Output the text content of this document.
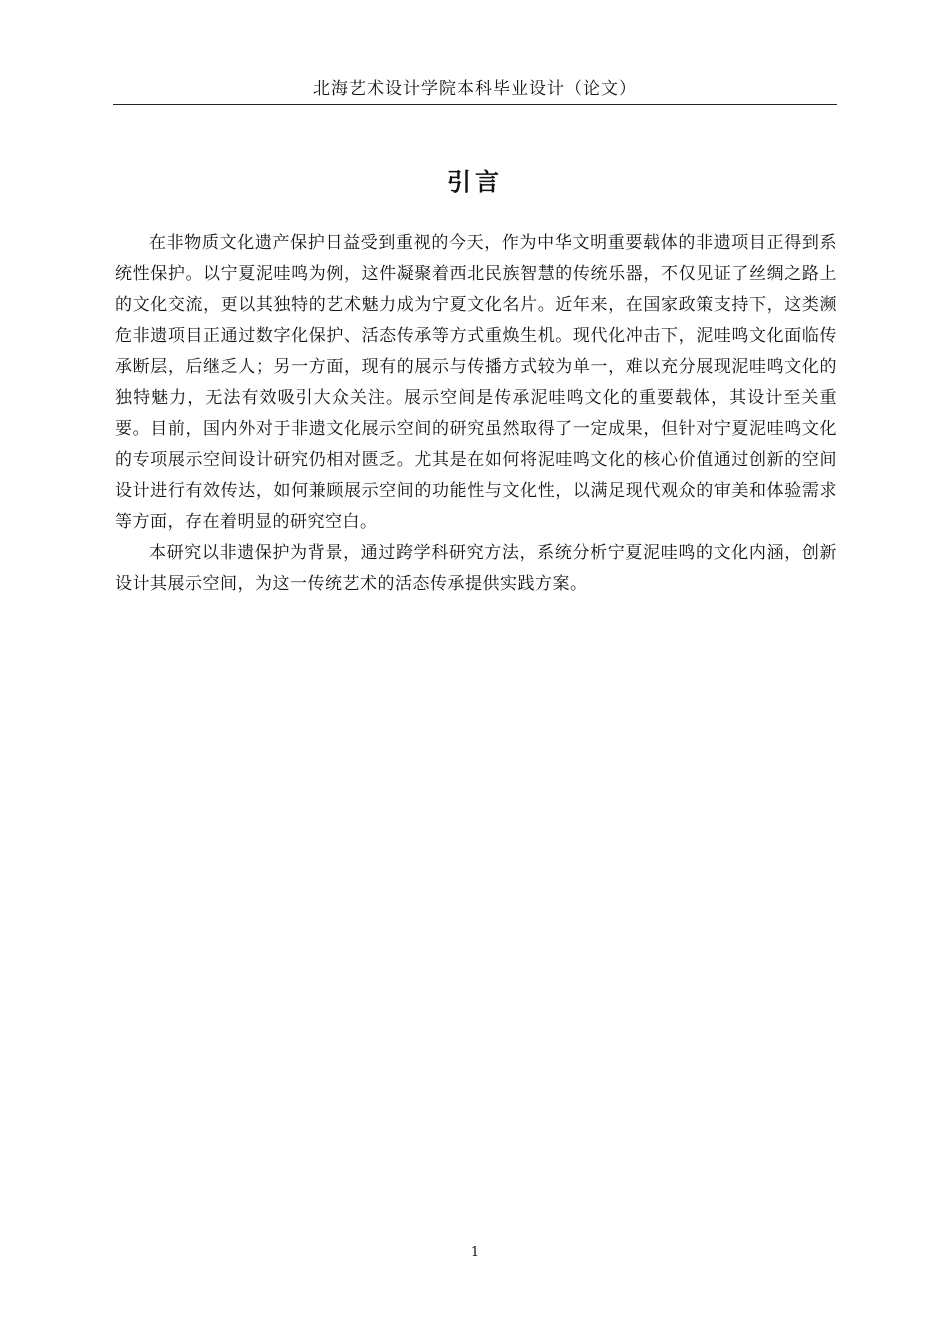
北海艺术设计学院本科毕业设计（论文）
引言

在非物质文化遗产保护日益受到重视的今天，作为中华文明重要载体的非遗项目正得到系统性保护。以宁夏泥哇鸣为例，这件凝聚着西北民族智慧的传统乐器，不仅见证了丝绸之路上的文化交流，更以其独特的艺术魅力成为宁夏文化名片。近年来，在国家政策支持下，这类濒危非遗项目正通过数字化保护、活态传承等方式重焕生机。现代化冲击下，泥哇鸣文化面临传承断层，后继乏人；另一方面，现有的展示与传播方式较为单一，难以充分展现泥哇鸣文化的独特魅力，无法有效吸引大众关注。展示空间是传承泥哇鸣文化的重要载体，其设计至关重要。目前，国内外对于非遗文化展示空间的研究虽然取得了一定成果，但针对宁夏泥哇鸣文化的专项展示空间设计研究仍相对匮乏。尤其是在如何将泥哇鸣文化的核心价值通过创新的空间设计进行有效传达，如何兼顾展示空间的功能性与文化性，以满足现代观众的审美和体验需求等方面，存在着明显的研究空白。

本研究以非遗保护为背景，通过跨学科研究方法，系统分析宁夏泥哇鸣的文化内涵，创新设计其展示空间，为这一传统艺术的活态传承提供实践方案。

1
